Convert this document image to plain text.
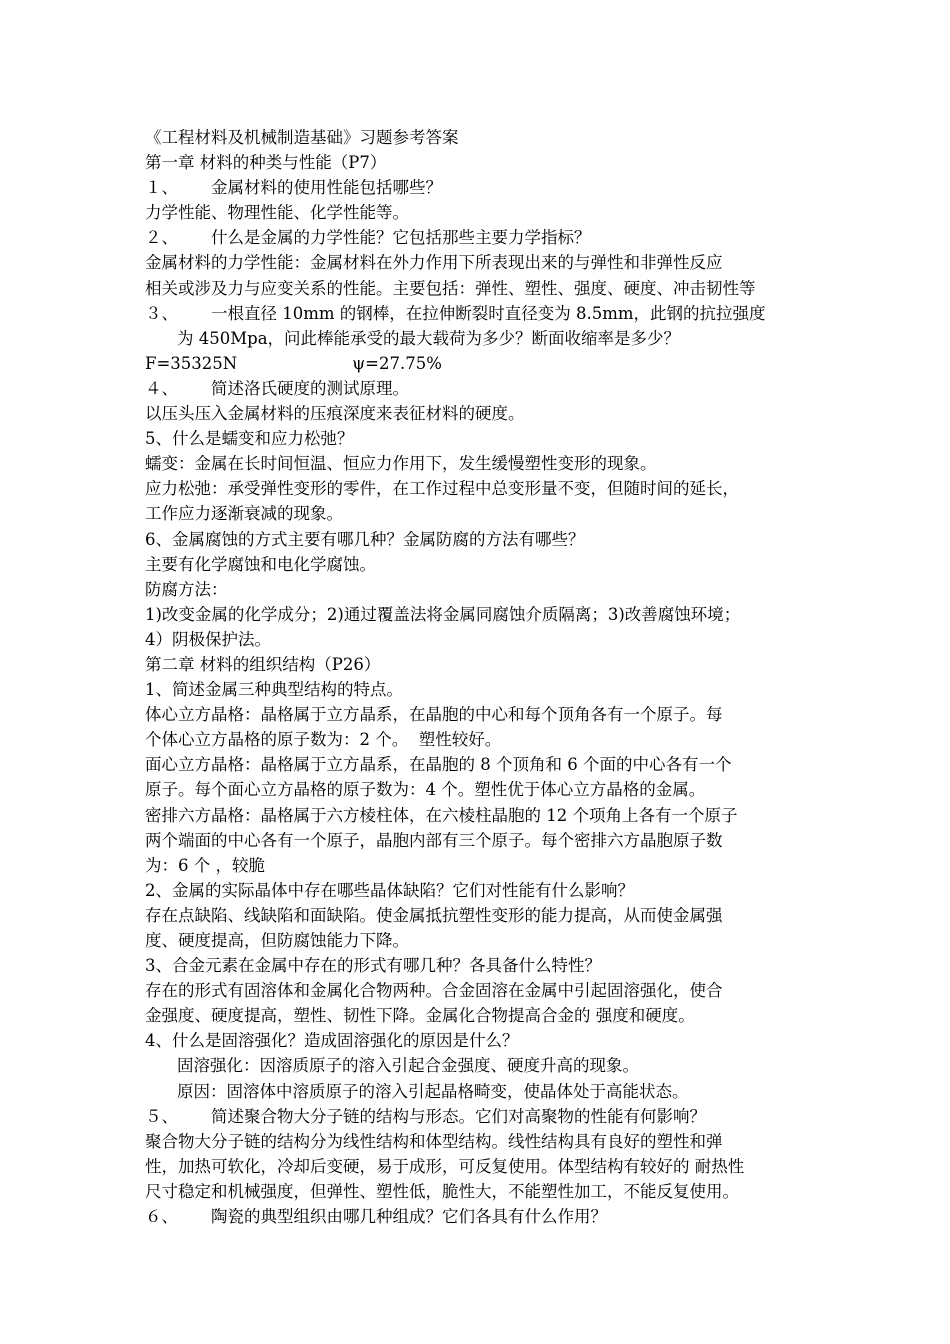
《工程材料及机械制造基础》习题参考答案
第一章 材料的种类与性能（P7）
１、 金属材料的使用性能包括哪些？
力学性能、物理性能、化学性能等。
２、 什么是金属的力学性能？它包括那些主要力学指标？
金属材料的力学性能：金属材料在外力作用下所表现出来的与弹性和非弹性反应
相关或涉及力与应变关系的性能。主要包括：弹性、塑性、强度、硬度、冲击韧性等
３、 一根直径 10mm 的钢棒，在拉伸断裂时直径变为 8.5mm，此钢的抗拉强度
为 450Mpa，问此棒能承受的最大载荷为多少？断面收缩率是多少？
F=35325N	ψ=27.75%
４、 简述洛氏硬度的测试原理。
以压头压入金属材料的压痕深度来表征材料的硬度。
5、什么是蠕变和应力松弛？
蠕变：金属在长时间恒温、恒应力作用下，发生缓慢塑性变形的现象。
应力松弛：承受弹性变形的零件，在工作过程中总变形量不变，但随时间的延长，
工作应力逐渐衰减的现象。
6、金属腐蚀的方式主要有哪几种？金属防腐的方法有哪些？
主要有化学腐蚀和电化学腐蚀。
防腐方法：
1)改变金属的化学成分；2)通过覆盖法将金属同腐蚀介质隔离；3)改善腐蚀环境；
4）阴极保护法。
第二章 材料的组织结构（P26）
1、简述金属三种典型结构的特点。
体心立方晶格：晶格属于立方晶系，在晶胞的中心和每个顶角各有一个原子。每
个体心立方晶格的原子数为：2 个。  塑性较好。
面心立方晶格：晶格属于立方晶系，在晶胞的 8 个顶角和 6 个面的中心各有一个
原子。每个面心立方晶格的原子数为：4 个。塑性优于体心立方晶格的金属。
密排六方晶格：晶格属于六方棱柱体，在六棱柱晶胞的 12 个项角上各有一个原子
两个端面的中心各有一个原子，晶胞内部有三个原子。每个密排六方晶胞原子数
为：6 个 ，较脆
2、金属的实际晶体中存在哪些晶体缺陷？它们对性能有什么影响？
存在点缺陷、线缺陷和面缺陷。使金属抵抗塑性变形的能力提高，从而使金属强
度、硬度提高，但防腐蚀能力下降。
3、合金元素在金属中存在的形式有哪几种？各具备什么特性？
存在的形式有固溶体和金属化合物两种。合金固溶在金属中引起固溶强化，使合
金强度、硬度提高，塑性、韧性下降。金属化合物提高合金的 强度和硬度。
4、什么是固溶强化？造成固溶强化的原因是什么？
固溶强化：因溶质原子的溶入引起合金强度、硬度升高的现象。
原因：固溶体中溶质原子的溶入引起晶格畸变，使晶体处于高能状态。
５、 简述聚合物大分子链的结构与形态。它们对高聚物的性能有何影响？
聚合物大分子链的结构分为线性结构和体型结构。线性结构具有良好的塑性和弹
性，加热可软化，冷却后变硬，易于成形，可反复使用。体型结构有较好的 耐热性
尺寸稳定和机械强度，但弹性、塑性低，脆性大，不能塑性加工，不能反复使用。
６、 陶瓷的典型组织由哪几种组成？它们各具有什么作用？
